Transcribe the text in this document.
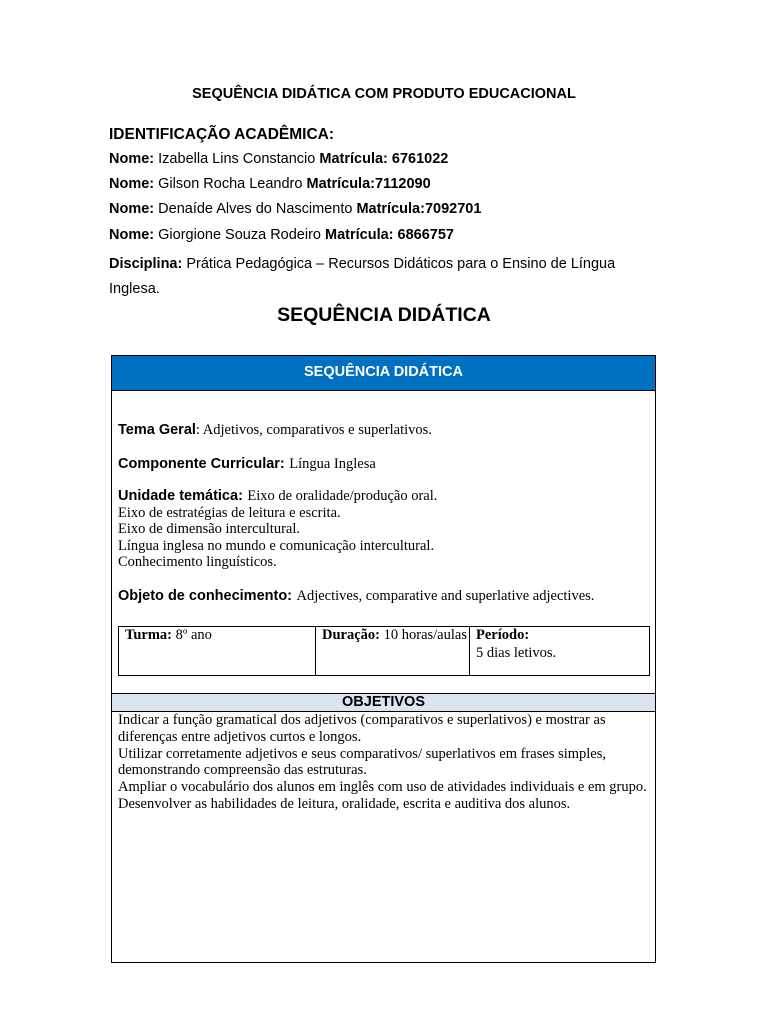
SEQUÊNCIA DIDÁTICA COM PRODUTO EDUCACIONAL
IDENTIFICAÇÃO ACADÊMICA:
Nome: Izabella Lins Constancio Matrícula: 6761022
Nome: Gilson Rocha Leandro Matrícula:7112090
Nome: Denaíde Alves do Nascimento Matrícula:7092701
Nome: Giorgione Souza Rodeiro Matrícula: 6866757
Disciplina: Prática Pedagógica – Recursos Didáticos para o Ensino de Língua Inglesa.
SEQUÊNCIA DIDÁTICA
SEQUÊNCIA DIDÁTICA

Tema Geral: Adjetivos, comparativos e superlativos.

Componente Curricular: Língua Inglesa

Unidade temática: Eixo de oralidade/produção oral.

Eixo de estratégias de leitura e escrita.
Eixo de dimensão intercultural.
Língua inglesa no mundo e comunicação intercultural.
Conhecimento linguísticos.

Objeto de conhecimento: Adjectives, comparative and superlative adjectives.

Turma: 8º ano	Duração: 10 horas/aulas	Período:
5 dias letivos.
OBJETIVOS
Indicar a função gramatical dos adjetivos (comparativos e superlativos) e mostrar as diferenças entre adjetivos curtos e longos.
Utilizar corretamente adjetivos e seus comparativos/ superlativos em frases simples, demonstrando compreensão das estruturas.
Ampliar o vocabulário dos alunos em inglês com uso de atividades individuais e em grupo.
Desenvolver as habilidades de leitura, oralidade, escrita e auditiva dos alunos.
